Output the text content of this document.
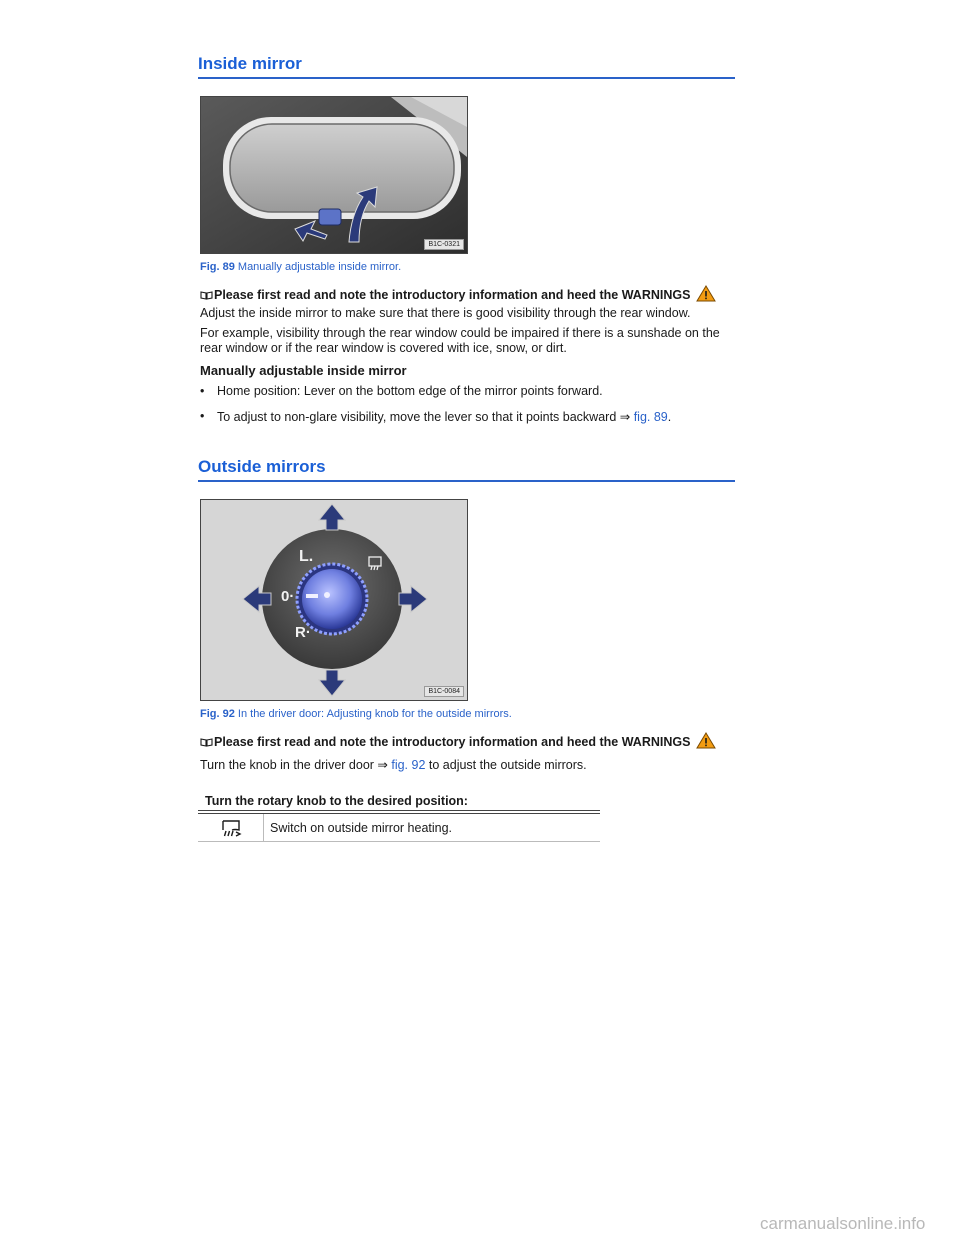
Inside mirror
B1C-0321
Fig. 89 Manually adjustable inside mirror.
Please first read and note the introductory information and heed the WARNINGS
Adjust the inside mirror to make sure that there is good visibility through the rear window.
For example, visibility through the rear window could be impaired if there is a sunshade on the rear window or if the rear window is covered with ice, snow, or dirt.
Manually adjustable inside mirror
• Home position: Lever on the bottom edge of the mirror points forward.
• To adjust to non-glare visibility, move the lever so that it points backward ⇒ fig. 89.
Outside mirrors
L.
0·
R·
B1C-0084
Fig. 92 In the driver door: Adjusting knob for the outside mirrors.
Please first read and note the introductory information and heed the WARNINGS
Turn the knob in the driver door ⇒ fig. 92 to adjust the outside mirrors.
Turn the rotary knob to the desired position:
Switch on outside mirror heating.
carmanualsonline.info
